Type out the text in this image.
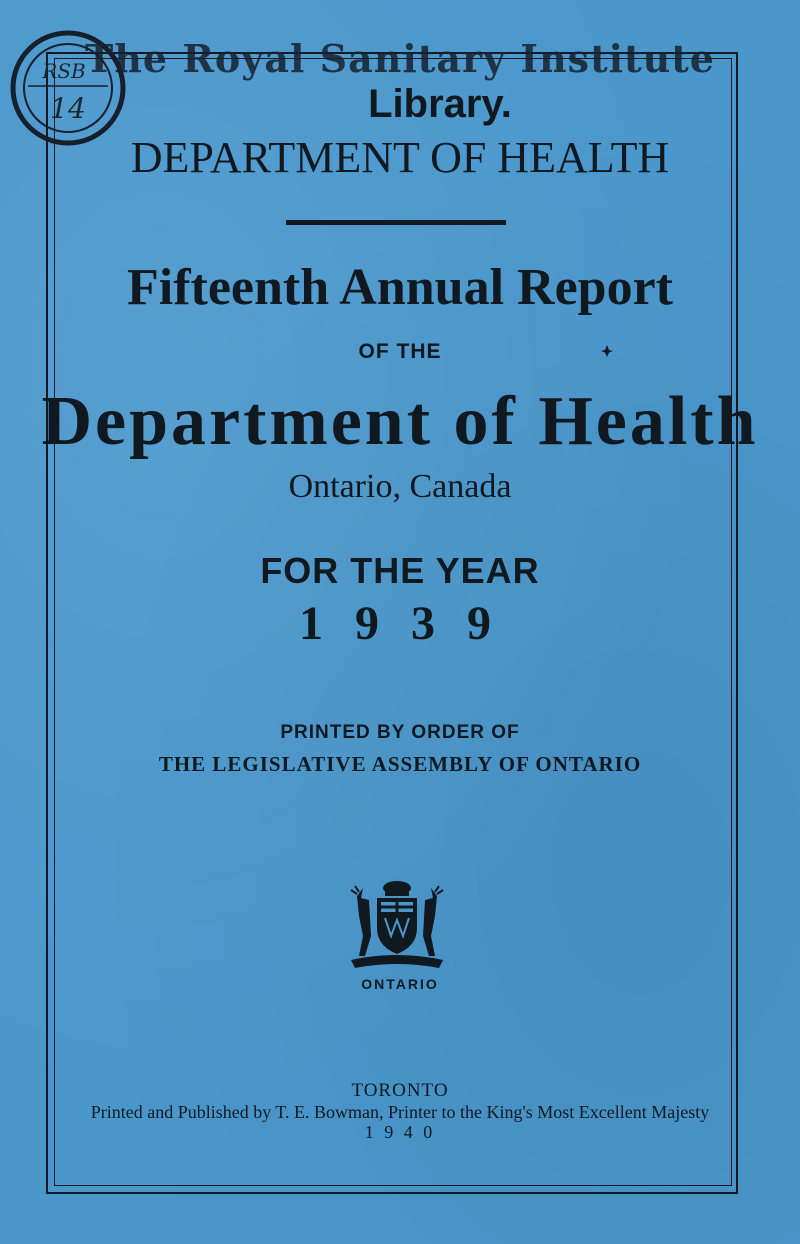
RSB
14
The Royal Sanitary Institute
Library.
DEPARTMENT OF HEALTH
Fifteenth Annual Report
OF THE
Department of Health
Ontario, Canada
FOR THE YEAR
1 9 3 9
PRINTED BY ORDER OF
THE LEGISLATIVE ASSEMBLY OF ONTARIO
ONTARIO
TORONTO
Printed and Published by T. E. Bowman, Printer to the King's Most Excellent Majesty
1 9 4 0
